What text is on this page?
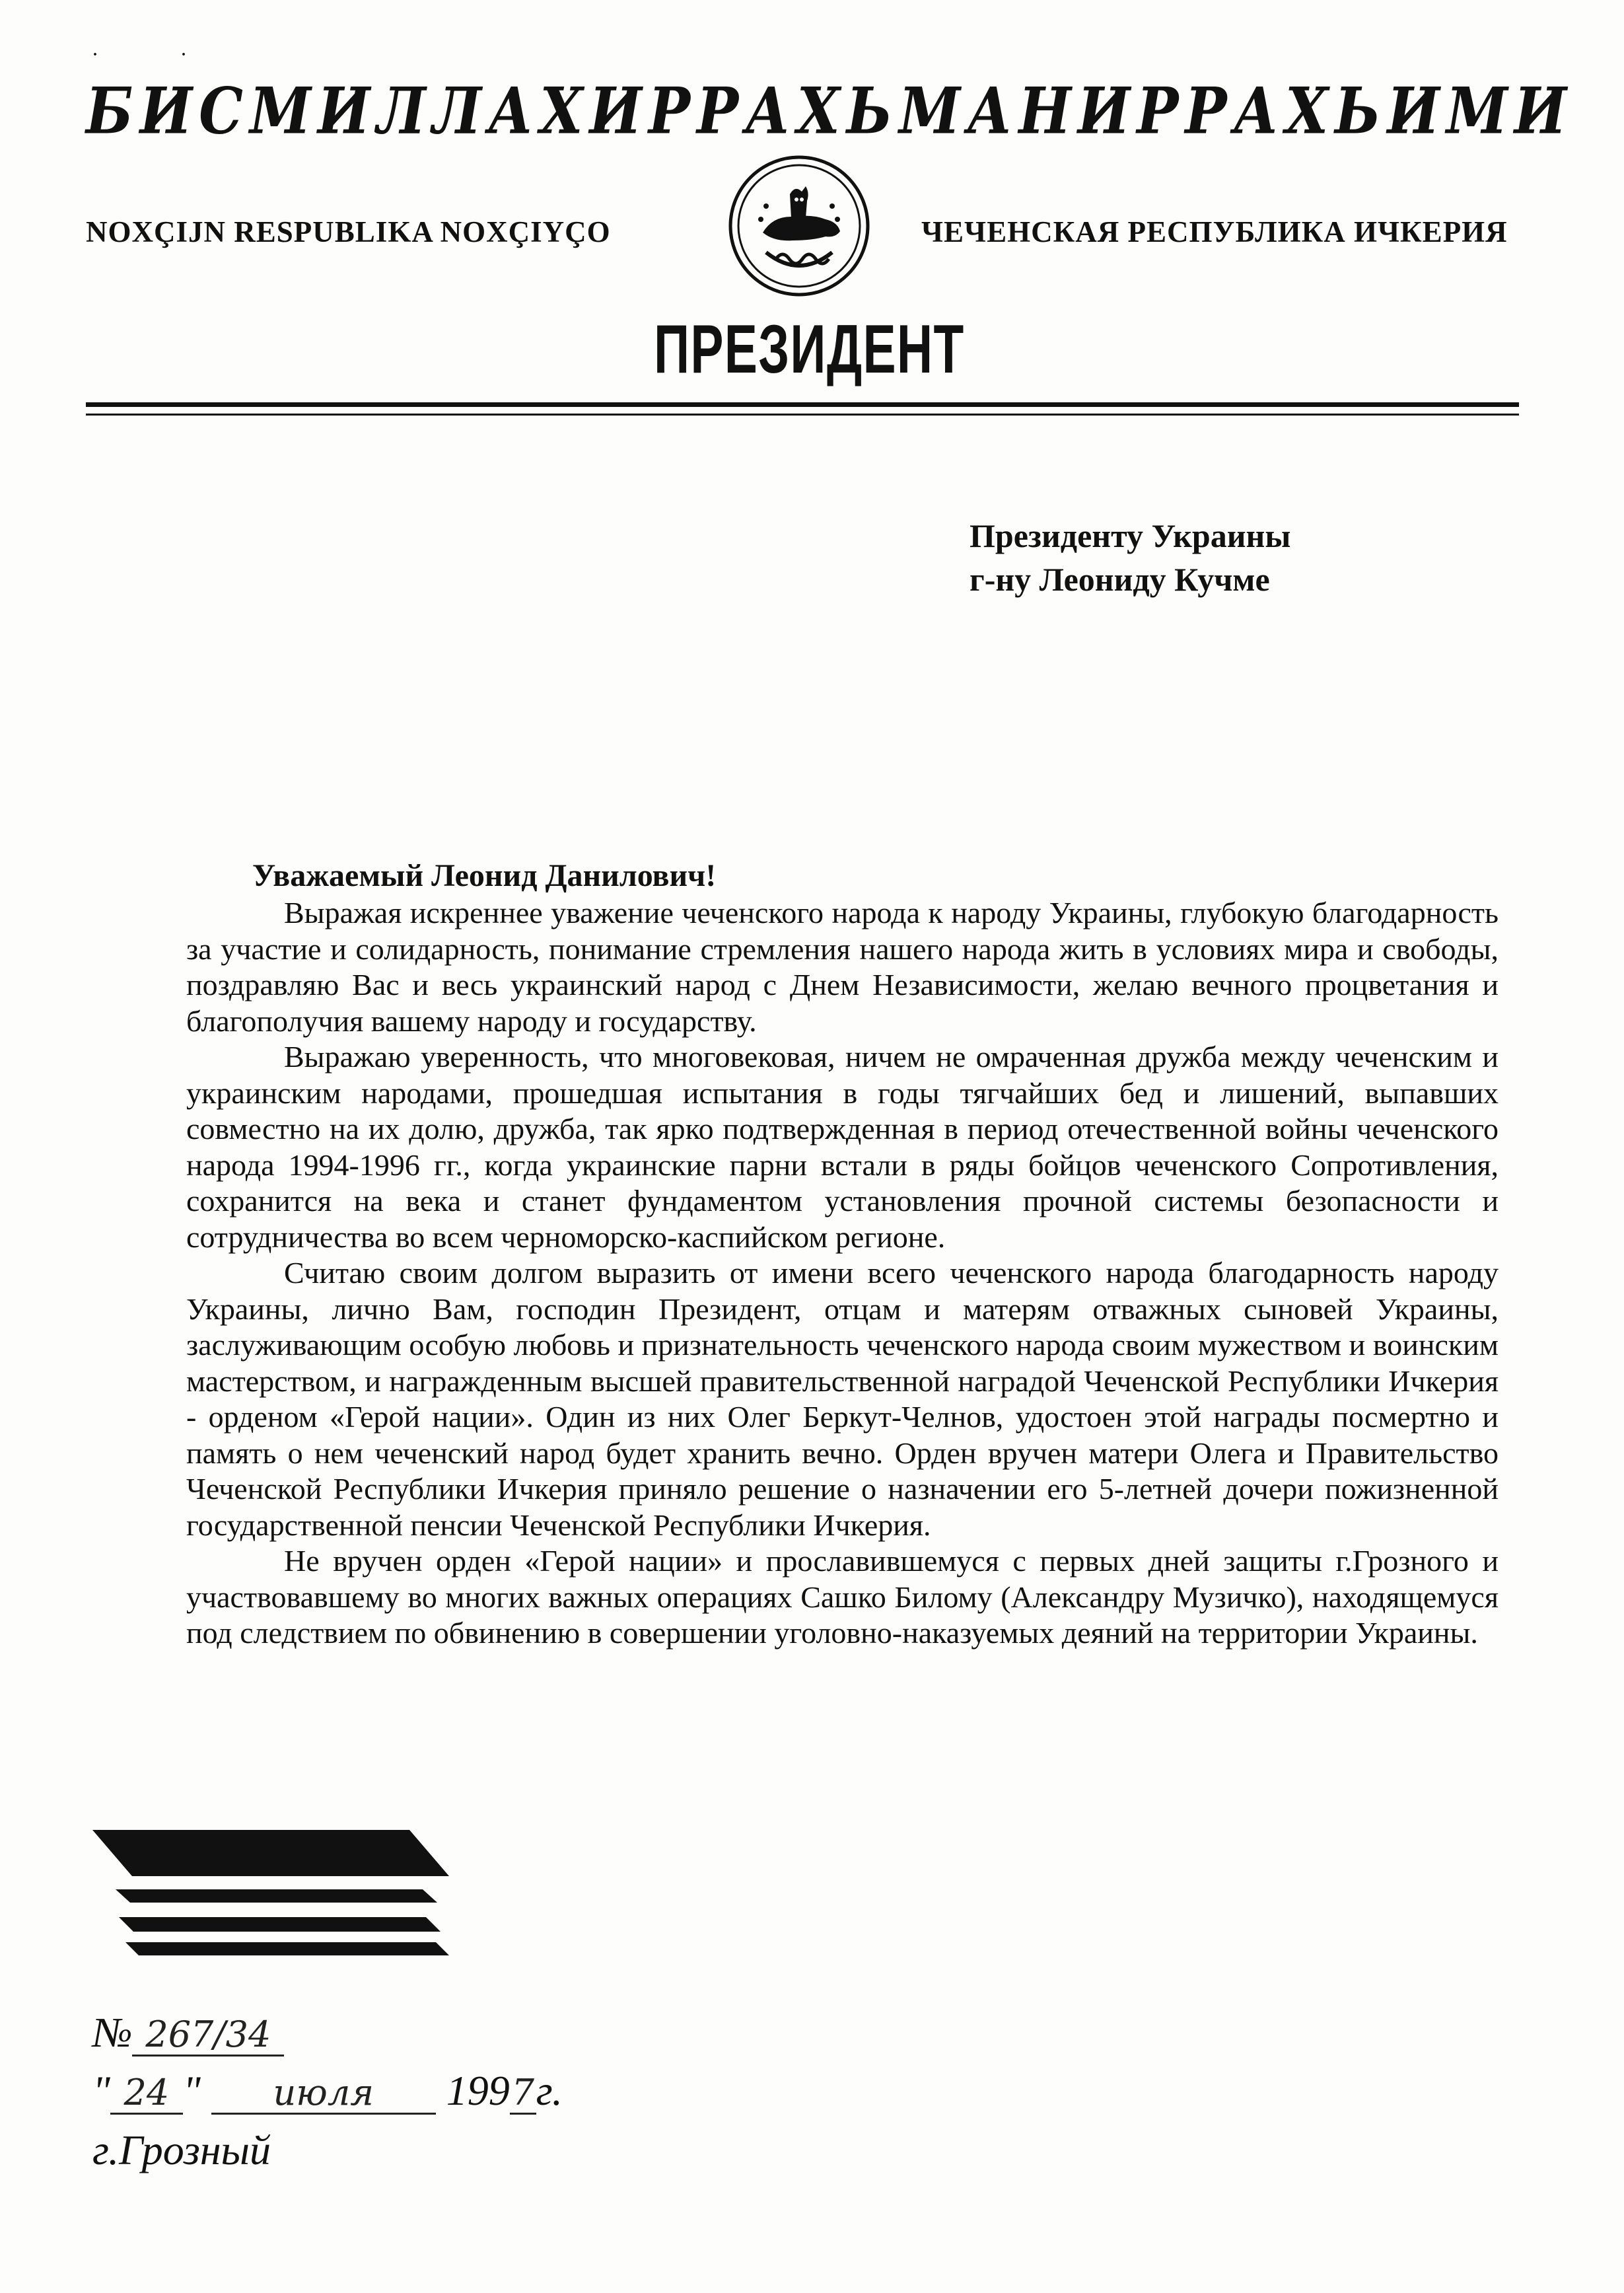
· ·
БИСМИЛЛАХИРРАХЬМАНИРРАХЬИМИ
NOXÇIJN RESPUBLIKA NOXÇIYÇO	ЧЕЧЕНСКАЯ РЕСПУБЛИКА ИЧКЕРИЯ
ПРЕЗИДЕНТ
Президенту Украины
г-ну Леониду Кучме
Уважаемый Леонид Данилович!

Выражая искреннее уважение чеченского народа к народу Украины, глубокую благодарность за участие и солидарность, понимание стремления нашего народа жить в условиях мира и свободы, поздравляю Вас и весь украинский народ с Днем Независимости, желаю вечного процветания и благополучия вашему народу и государству.

Выражаю уверенность, что многовековая, ничем не омраченная дружба между чеченским и украинским народами, прошедшая испытания в годы тягчайших бед и лишений, выпавших совместно на их долю, дружба, так ярко подтвержденная в период отечественной войны чеченского народа 1994-1996 гг., когда украинские парни встали в ряды бойцов чеченского Сопротивления, сохранится на века и станет фундаментом установления прочной системы безопасности и сотрудничества во всем черноморско-каспийском регионе.

Считаю своим долгом выразить от имени всего чеченского народа благодарность народу Украины, лично Вам, господин Президент, отцам и матерям отважных сыновей Украины, заслуживающим особую любовь и признательность чеченского народа своим мужеством и воинским мастерством, и награжденным высшей правительственной наградой Чеченской Республики Ичкерия - орденом «Герой нации». Один из них Олег Беркут-Челнов, удостоен этой награды посмертно и память о нем чеченский народ будет хранить вечно. Орден вручен матери Олега и Правительство Чеченской Республики Ичкерия приняло решение о назначении его 5-летней дочери пожизненной государственной пенсии Чеченской Республики Ичкерия.

Не вручен орден «Герой нации» и прославившемуся с первых дней защиты г.Грозного и участвовавшему во многих важных операциях Сашко Билому (Александру Музичко), находящемуся под следствием по обвинению в совершении уголовно-наказуемых деяний на территории Украины.

№ 267/34
" 24 " июля 1997г.
г.Грозный
